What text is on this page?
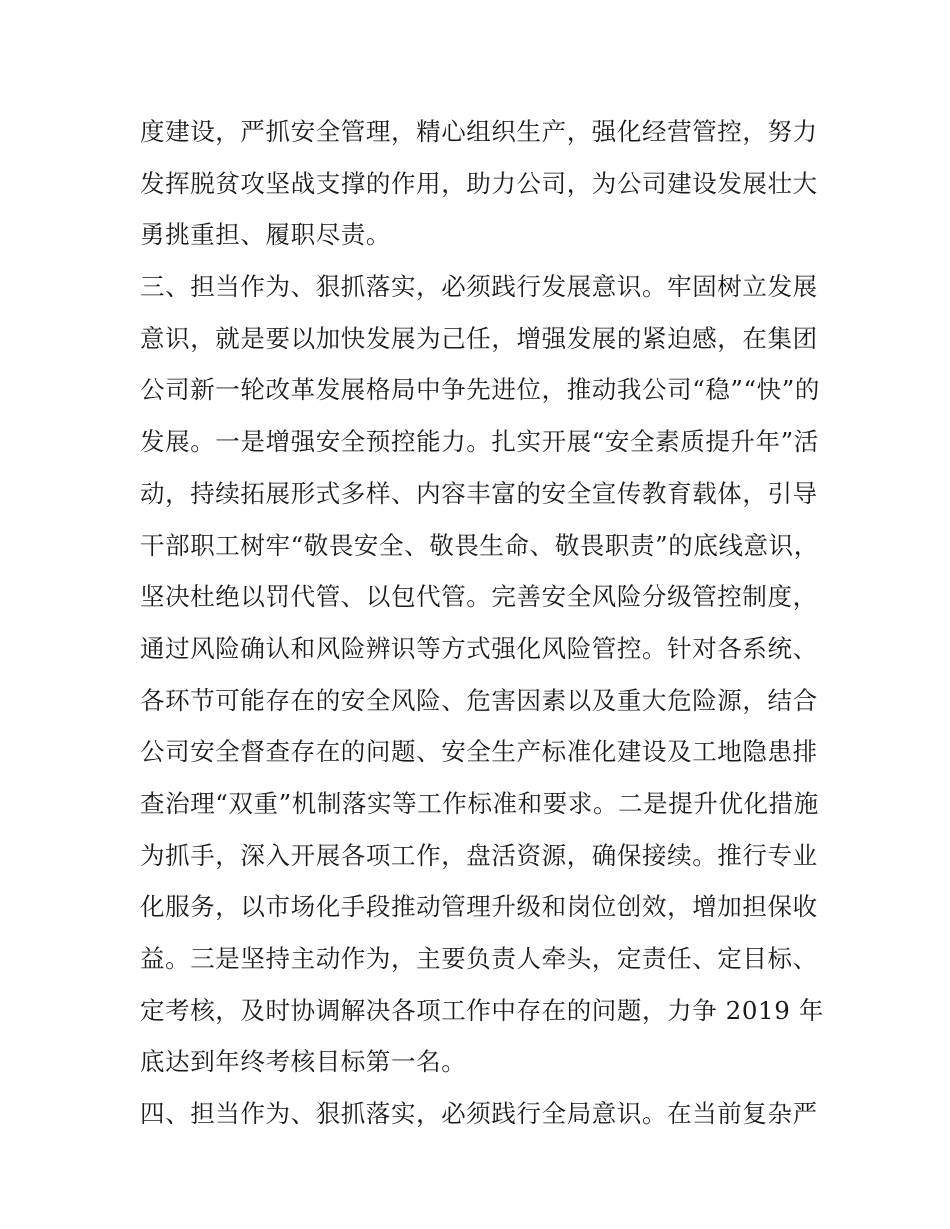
度建设，严抓安全管理，精心组织生产，强化经营管控，努力
发挥脱贫攻坚战支撑的作用，助力公司，为公司建设发展壮大
勇挑重担、履职尽责。
三、担当作为、狠抓落实，必须践行发展意识。牢固树立发展
意识，就是要以加快发展为己任，增强发展的紧迫感，在集团
公司新一轮改革发展格局中争先进位，推动我公司“稳”“快”的
发展。一是增强安全预控能力。扎实开展“安全素质提升年”活
动，持续拓展形式多样、内容丰富的安全宣传教育载体，引导
干部职工树牢“敬畏安全、敬畏生命、敬畏职责”的底线意识，
坚决杜绝以罚代管、以包代管。完善安全风险分级管控制度，
通过风险确认和风险辨识等方式强化风险管控。针对各系统、
各环节可能存在的安全风险、危害因素以及重大危险源，结合
公司安全督查存在的问题、安全生产标准化建设及工地隐患排
查治理“双重”机制落实等工作标准和要求。二是提升优化措施
为抓手，深入开展各项工作，盘活资源，确保接续。推行专业
化服务，以市场化手段推动管理升级和岗位创效，增加担保收
益。三是坚持主动作为，主要负责人牵头，定责任、定目标、
定考核，及时协调解决各项工作中存在的问题，力争 2019 年
底达到年终考核目标第一名。
四、担当作为、狠抓落实，必须践行全局意识。在当前复杂严
